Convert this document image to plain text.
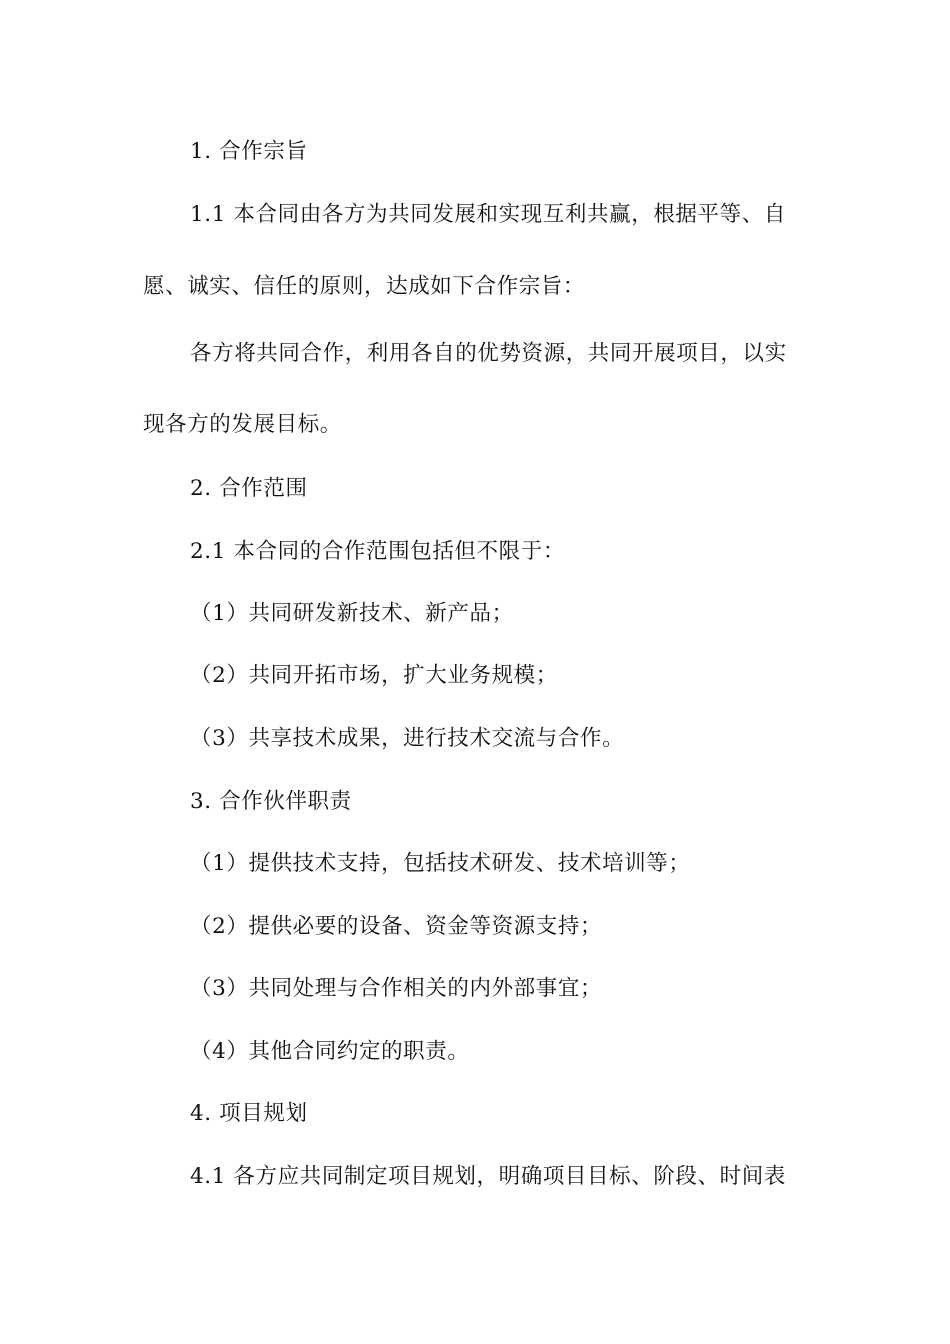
1. 合作宗旨
1.1 本合同由各方为共同发展和实现互利共赢，根据平等、自
愿、诚实、信任的原则，达成如下合作宗旨：
各方将共同合作，利用各自的优势资源，共同开展项目，以实
现各方的发展目标。
2. 合作范围
2.1 本合同的合作范围包括但不限于：
（1）共同研发新技术、新产品；
（2）共同开拓市场，扩大业务规模；
（3）共享技术成果，进行技术交流与合作。
3. 合作伙伴职责
（1）提供技术支持，包括技术研发、技术培训等；
（2）提供必要的设备、资金等资源支持；
（3）共同处理与合作相关的内外部事宜；
（4）其他合同约定的职责。
4. 项目规划
4.1 各方应共同制定项目规划，明确项目目标、阶段、时间表
